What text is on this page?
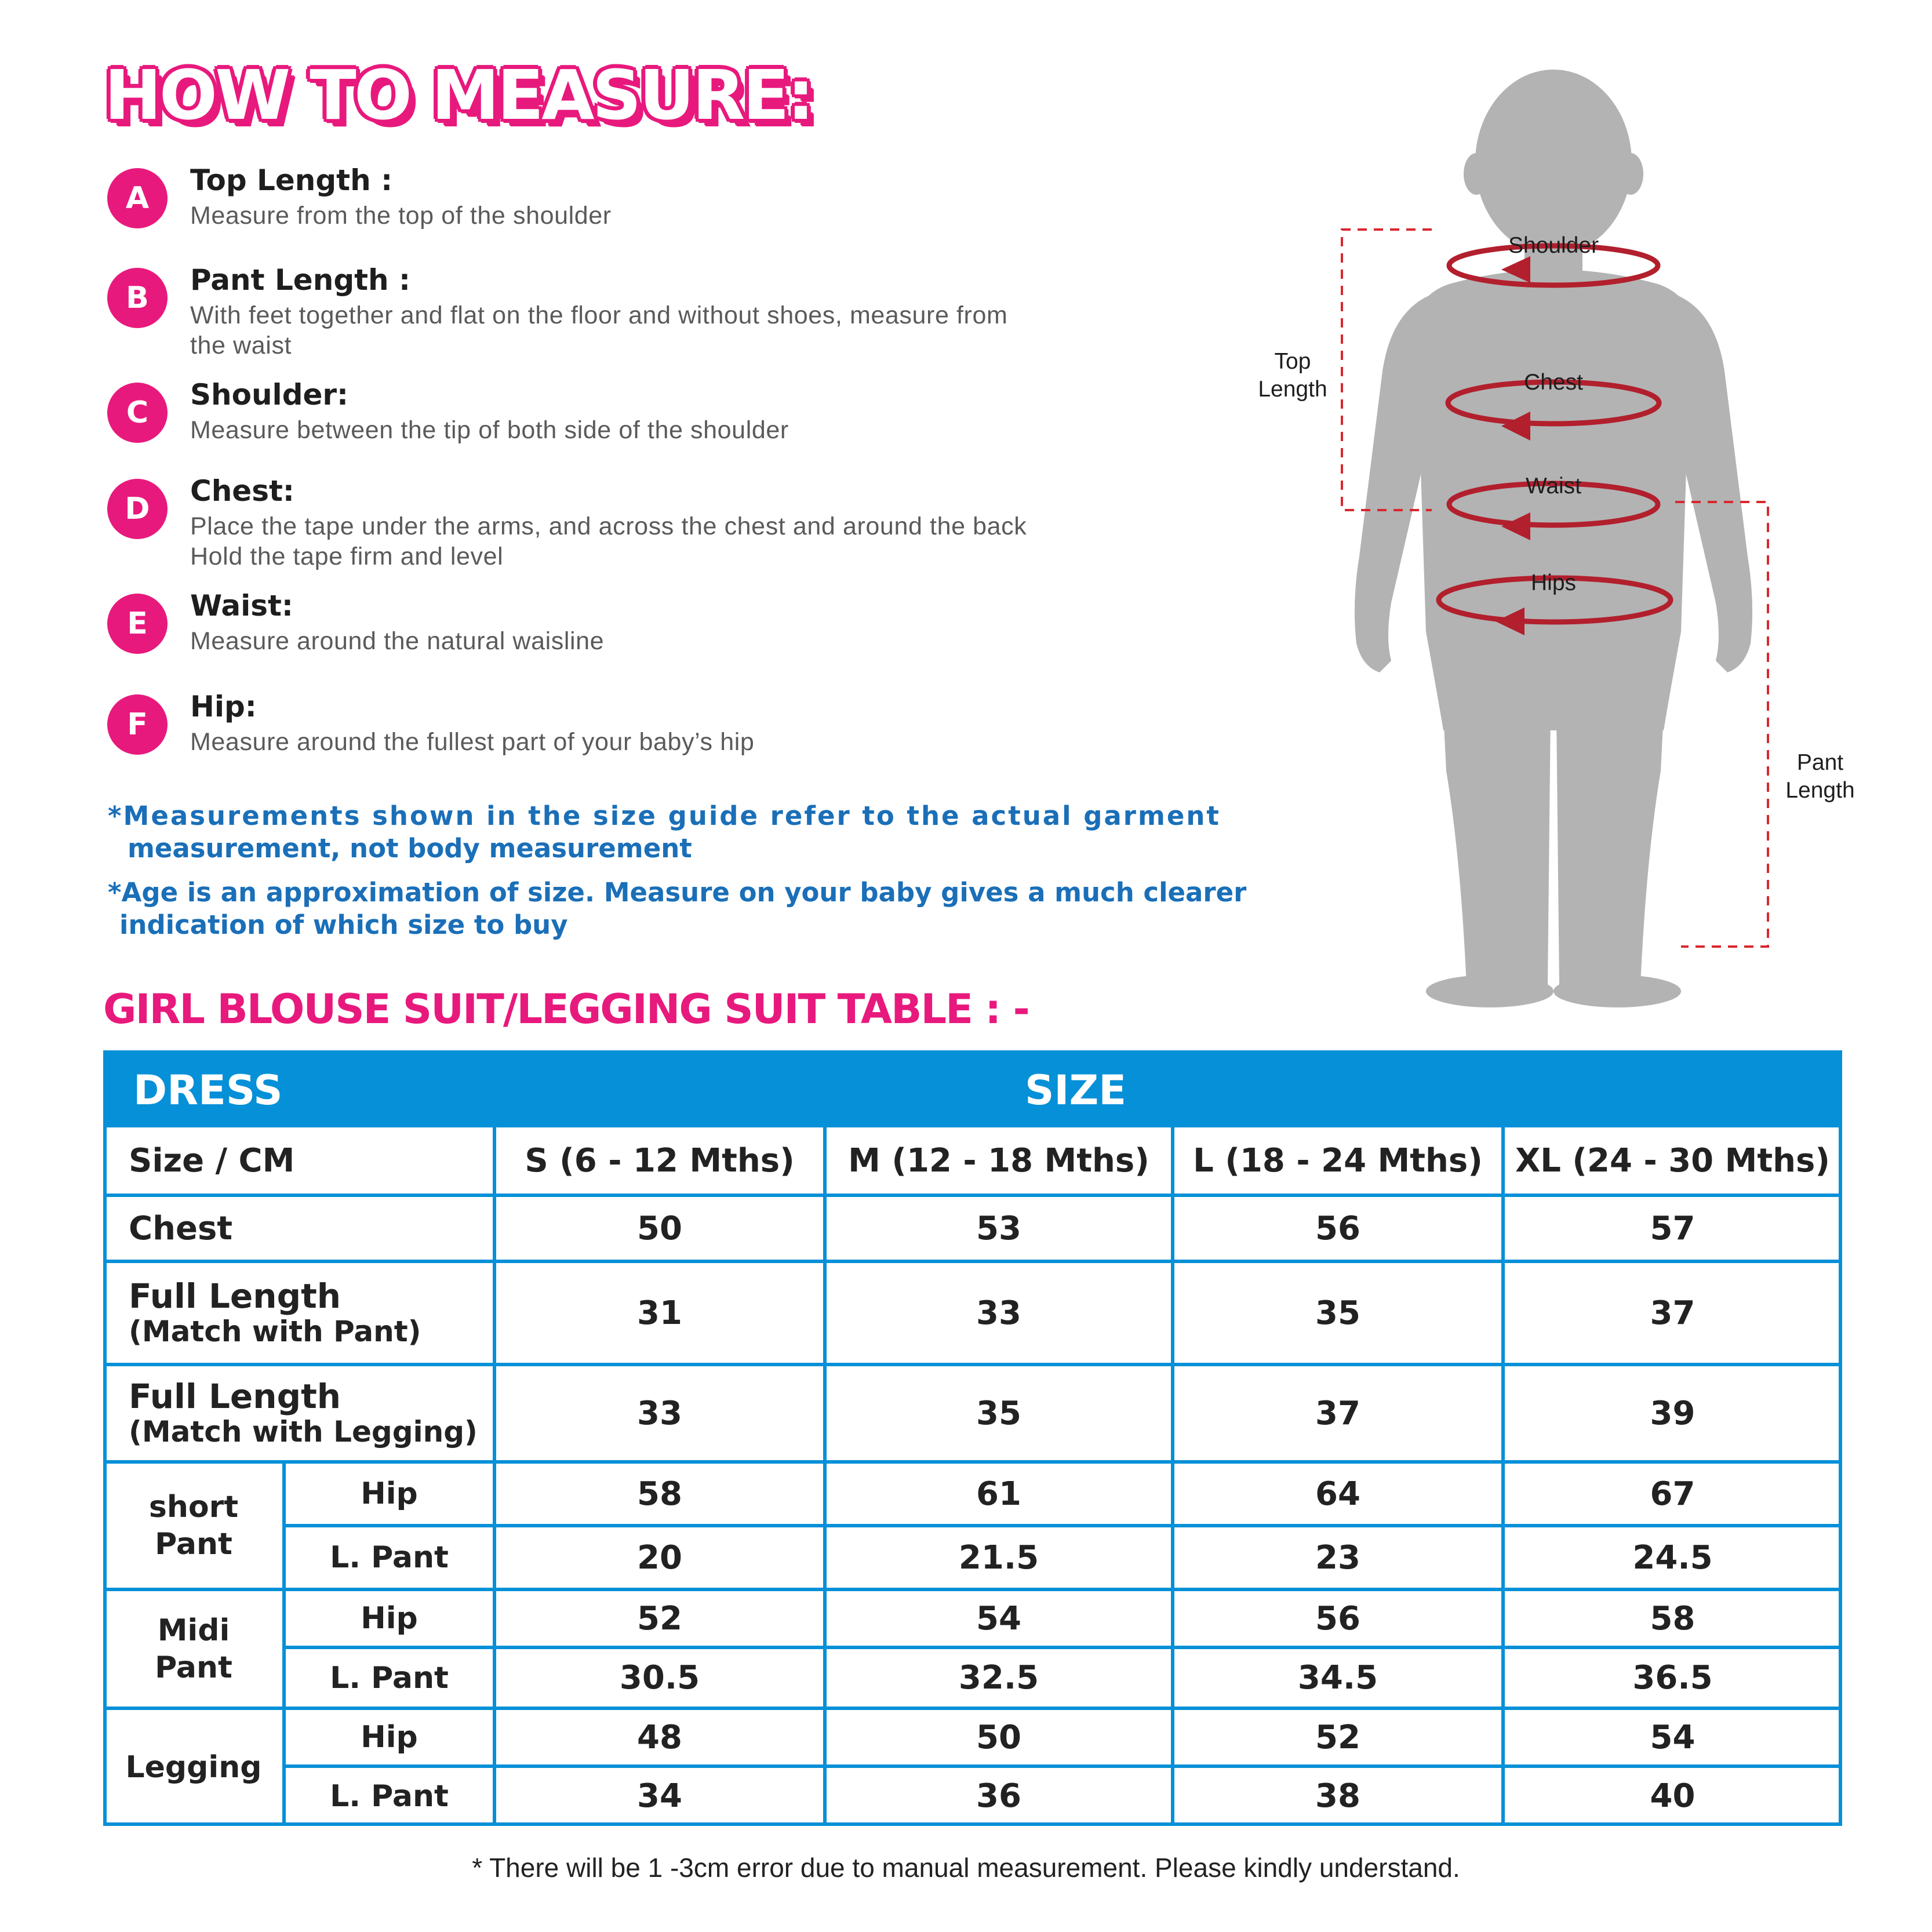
HOW TO MEASURE:
A
Top Length :
Measure from the top of the shoulder
B
Pant Length :
With feet together and flat on the floor and without shoes, measure from
the waist
C
Shoulder:
Measure between the tip of both side of the shoulder
D
Chest:
Place the tape under the arms, and across the chest and around the back
Hold the tape firm and level
E
Waist:
Measure around the natural waisline
F
Hip:
Measure around the fullest part of your baby’s hip
*Measurements shown in the size guide refer to the actual garment
measurement, not body measurement
*Age is an approximation of size. Measure on your baby gives a much clearer
indication of which size to buy
Shoulder
Chest
Waist
Hips
Top
Length
Pant
Length
GIRL BLOUSE SUIT/LEGGING SUIT TABLE : -
DRESS	SIZE
Size / CM	S (6 - 12 Mths)	M (12 - 18 Mths)	L (18 - 24 Mths)	XL (24 - 30 Mths)
Chest	50	53	56	57
Full Length
(Match with Pant)	31	33	35	37
Full Length
(Match with Legging)	33	35	37	39
short
Pant
Hip	58	61	64	67
L. Pant	20	21.5	23	24.5
Midi
Pant
Hip	52	54	56	58
L. Pant	30.5	32.5	34.5	36.5
Legging
Hip	48	50	52	54
L. Pant	34	36	38	40
* There will be 1 -3cm error due to manual measurement. Please kindly understand.
